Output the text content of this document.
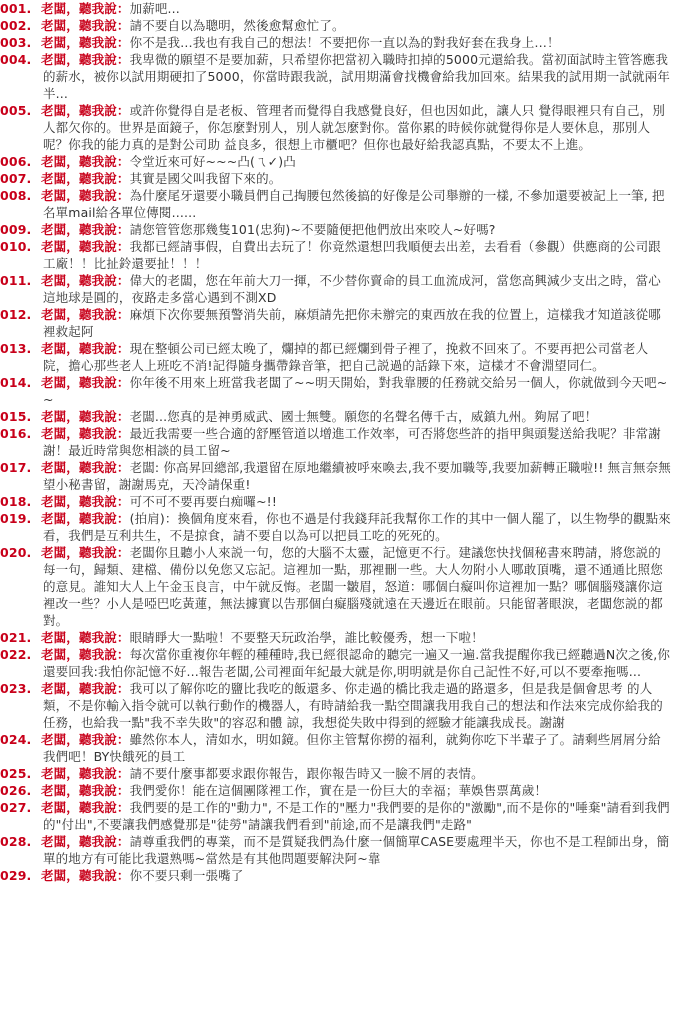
001. 老闆，聽我說：加薪吧...

002. 老闆，聽我說：請不要自以為聰明，然後愈幫愈忙了。

003. 老闆，聽我說：你不是我…我也有我自己的想法！不要把你一直以為的對我好套在我身上…！

004. 老闆，聽我說：我卑微的願望不是要加薪，只希望你把當初入職時扣掉的5000元還給我。當初面試時主管答應我的薪水，被你以試用期硬扣了5000，你當時跟我説，試用期滿會找機會給我加回來。結果我的試用期一試就兩年半...

005. 老闆，聽我說：或許你覺得自是老板、管理者而覺得自我感覺良好，但也因如此，讓人只 覺得眼裡只有自己，別人都欠你的。世界是面鏡子，你怎麼對別人，別人就怎麼對你。當你累的時候你就覺得你是人要休息，那別人呢？你我的能力真的是對公司助 益良多，很想上市櫃吧？但你也最好給我認真點，不要太不上進。

006. 老闆，聽我說：令堂近來可好~~~凸(ㄟ✓)凸

007. 老闆，聽我說：其實是國父叫我留下來的。

008. 老闆，聽我說：為什麼尾牙還要小職員們自己掏腰包然後搞的好像是公司舉辦的一樣, 不參加還要被記上一筆, 把名單mail給各單位傳閱......

009. 老闆，聽我說：請您管管您那幾隻101(忠狗)~不要隨便把他們放出來咬人~好嗎?

010. 老闆，聽我說：我都已經請事假，自費出去玩了！你竟然還想凹我順便去出差，去看看（參觀）供應商的公司跟工廠！！比扯鈴還要扯！！！

011. 老闆，聽我說：偉大的老闆，您在年前大刀一揮，不少替你賣命的員工血流成河，當您高興減少支出之時，當心這地球是圓的，夜路走多當心遇到不測XD

012. 老闆，聽我說：麻煩下次你要無預警消失前，麻煩請先把你未辦完的東西放在我的位置上，這樣我才知道該從哪裡救起阿

013. 老闆，聽我說：現在整頓公司已經太晚了，爛掉的都已經爛到骨子裡了，挽救不回來了。不要再把公司當老人院，擔心那些老人上班吃不消!記得隨身攜帶錄音筆，把自己説過的話錄下來，這樣才不會淵望同仁。

014. 老闆，聽我說：你年後不用來上班當我老闆了~~明天開始，對我靠腰的任務就交給另一個人，你就做到今天吧~~

015. 老闆，聽我說：老闆...您真的是神勇威武、國士無雙。願您的名聲名傳千古，威鎮九州。夠屌了吧！

016. 老闆，聽我說：最近我需要一些合適的舒壓管道以增進工作效率，可否將您些許的指甲與頭髮送給我呢？非常謝謝！最近時常與您相談的員工留~

017. 老闆，聽我說：老闆: 你高昇回總部,我還留在原地繼續被呼來喚去,我不要加職等,我要加薪轉正職啦!! 無言無奈無望小秘書留，謝謝馬克，天冷請保重!

018. 老闆，聽我說：可不可不要再要白痴囉~!!

019. 老闆，聽我說：(拍肩)：換個角度來看，你也不過是付我錢拜託我幫你工作的其中一個人罷了，以生物學的觀點來看，我們是互利共生，不是掠食，請不要自以為可以把員工吃的死死的。

020. 老闆，聽我說：老闆你且聽小人來説一句，您的大腦不太靈，記憶更不行。建議您快找個秘書來聘請，將您説的每一句，歸類、建檔、備份以免您又忘記。這裡加一點，那裡刪一些。大人勿附小人哪敢頂嘴，還不通通比照您的意見。誰知大人上午金玉良言，中午就反悔。老闆一皺眉，怒道：哪個白癡叫你這裡加一點？哪個腦殘讓你這裡改一些？小人是啞巴吃黃蓮，無法據實以告那個白癡腦殘就遠在天邊近在眼前。只能留著眼淚，老闆您説的都對。

021. 老闆，聽我說：眼睛睜大一點啦！不要整天玩政治學，誰比較優秀，想一下啦！

022. 老闆，聽我說：每次當你重複你年輕的種種時,我已經很認命的聽完一遍又一遍.當我提醒你我已經聽過N次之後,你還要回我:我怕你記憶不好...報告老闆,公司裡面年紀最大就是你,明明就是你自己記性不好,可以不要牽拖嗎...

023. 老闆，聽我說：我可以了解你吃的鹽比我吃的飯還多、你走過的橋比我走過的路還多，但是我是個會思考 的人類，不是你輸入指令就可以執行動作的機器人，有時請給我一點空間讓我用我自己的想法和作法來完成你給我的任務，也給我一點"我不幸失敗"的容忍和體 諒，我想從失敗中得到的經驗才能讓我成長。謝謝

024. 老闆，聽我說：雖然你本人，清如水，明如鏡。但你主管幫你撈的福利，就夠你吃下半輩子了。請剩些屑屑分給我們吧！BY快餓死的員工

025. 老闆，聽我說：請不要什麼事都要求跟你報告，跟你報告時又一臉不屑的表情。

026. 老闆，聽我說：我們愛你！能在這個團隊裡工作，實在是一份巨大的幸福；華娛售票萬歲！

027. 老闆，聽我說：我們要的是工作的"動力", 不是工作的"壓力"我們要的是你的"激勵",而不是你的"唾棄"請看到我們的"付出",不要讓我們感覺那是"徒勞"請讓我們看到"前途,而不是讓我們"走路"

028. 老闆，聽我說：請尊重我們的專業，而不是質疑我們為什麼一個簡單CASE要處理半天，你也不是工程師出身，簡單的地方有可能比我還熟嗎~當然是有其他問題要解決阿~靠

029. 老闆，聽我說：你不要只剩一張嘴了
